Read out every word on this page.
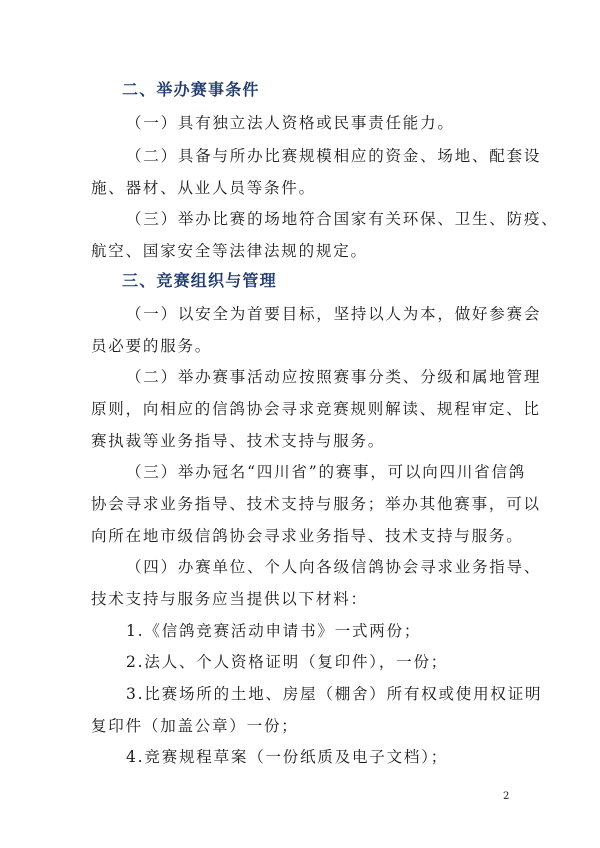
二、举办赛事条件
（一）具有独立法人资格或民事责任能力。
（二）具备与所办比赛规模相应的资金、场地、配套设
施、器材、从业人员等条件。
（三）举办比赛的场地符合国家有关环保、卫生、防疫、
航空、国家安全等法律法规的规定。
三、竞赛组织与管理
（一）以安全为首要目标，坚持以人为本，做好参赛会
员必要的服务。
（二）举办赛事活动应按照赛事分类、分级和属地管理
原则，向相应的信鸽协会寻求竞赛规则解读、规程审定、比
赛执裁等业务指导、技术支持与服务。
（三）举办冠名“四川省”的赛事，可以向四川省信鸽
协会寻求业务指导、技术支持与服务；举办其他赛事，可以
向所在地市级信鸽协会寻求业务指导、技术支持与服务。
（四）办赛单位、个人向各级信鸽协会寻求业务指导、
技术支持与服务应当提供以下材料：
1.《信鸽竞赛活动申请书》一式两份；
2.法人、个人资格证明（复印件），一份；
3.比赛场所的土地、房屋（棚舍）所有权或使用权证明
复印件（加盖公章）一份；
4.竞赛规程草案（一份纸质及电子文档）；
2
